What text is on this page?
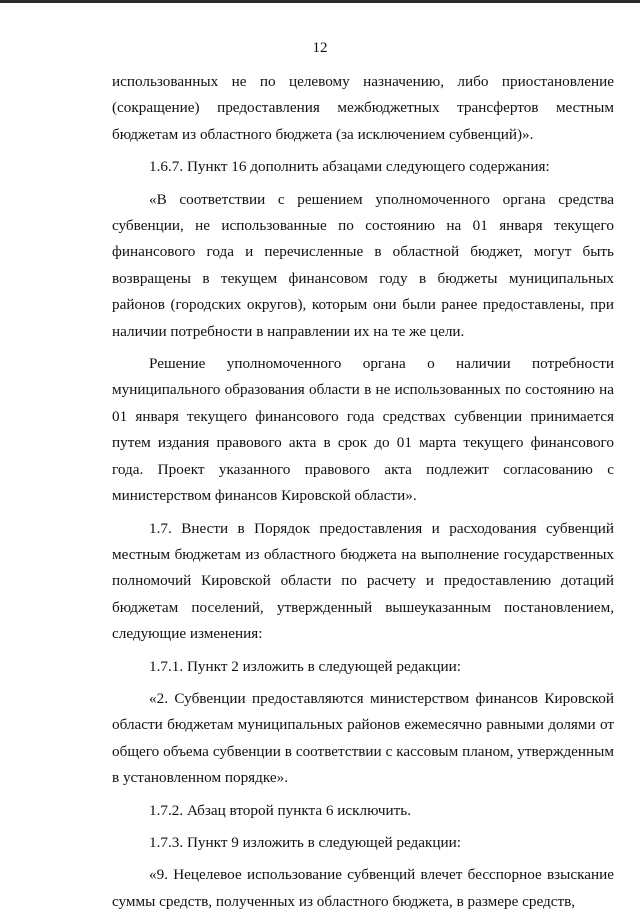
12

использованных не по целевому назначению, либо приостановление (сокращение) предоставления межбюджетных трансфертов местным бюджетам из областного бюджета (за исключением субвенций)».

1.6.7. Пункт 16 дополнить абзацами следующего содержания:

«В соответствии с решением уполномоченного органа средства субвенции, не использованные по состоянию на 01 января текущего финансового года и перечисленные в областной бюджет, могут быть возвращены в текущем финансовом году в бюджеты муниципальных районов (городских округов), которым они были ранее предоставлены, при наличии потребности в направлении их на те же цели.

Решение уполномоченного органа о наличии потребности муниципального образования области в не использованных по состоянию на 01 января текущего финансового года средствах субвенции принимается путем издания правового акта в срок до 01 марта текущего финансового года. Проект указанного правового акта подлежит согласованию с министерством финансов Кировской области».

1.7. Внести в Порядок предоставления и расходования субвенций местным бюджетам из областного бюджета на выполнение государственных полномочий Кировской области по расчету и предоставлению дотаций бюджетам поселений, утвержденный вышеуказанным постановлением, следующие изменения:

1.7.1. Пункт 2 изложить в следующей редакции:

«2. Субвенции предоставляются министерством финансов Кировской области бюджетам муниципальных районов ежемесячно равными долями от общего объема субвенции в соответствии с кассовым планом, утвержденным в установленном порядке».

1.7.2. Абзац второй пункта 6 исключить.

1.7.3. Пункт 9 изложить в следующей редакции:

«9. Нецелевое использование субвенций влечет бесспорное взыскание суммы средств, полученных из областного бюджета, в размере средств,
